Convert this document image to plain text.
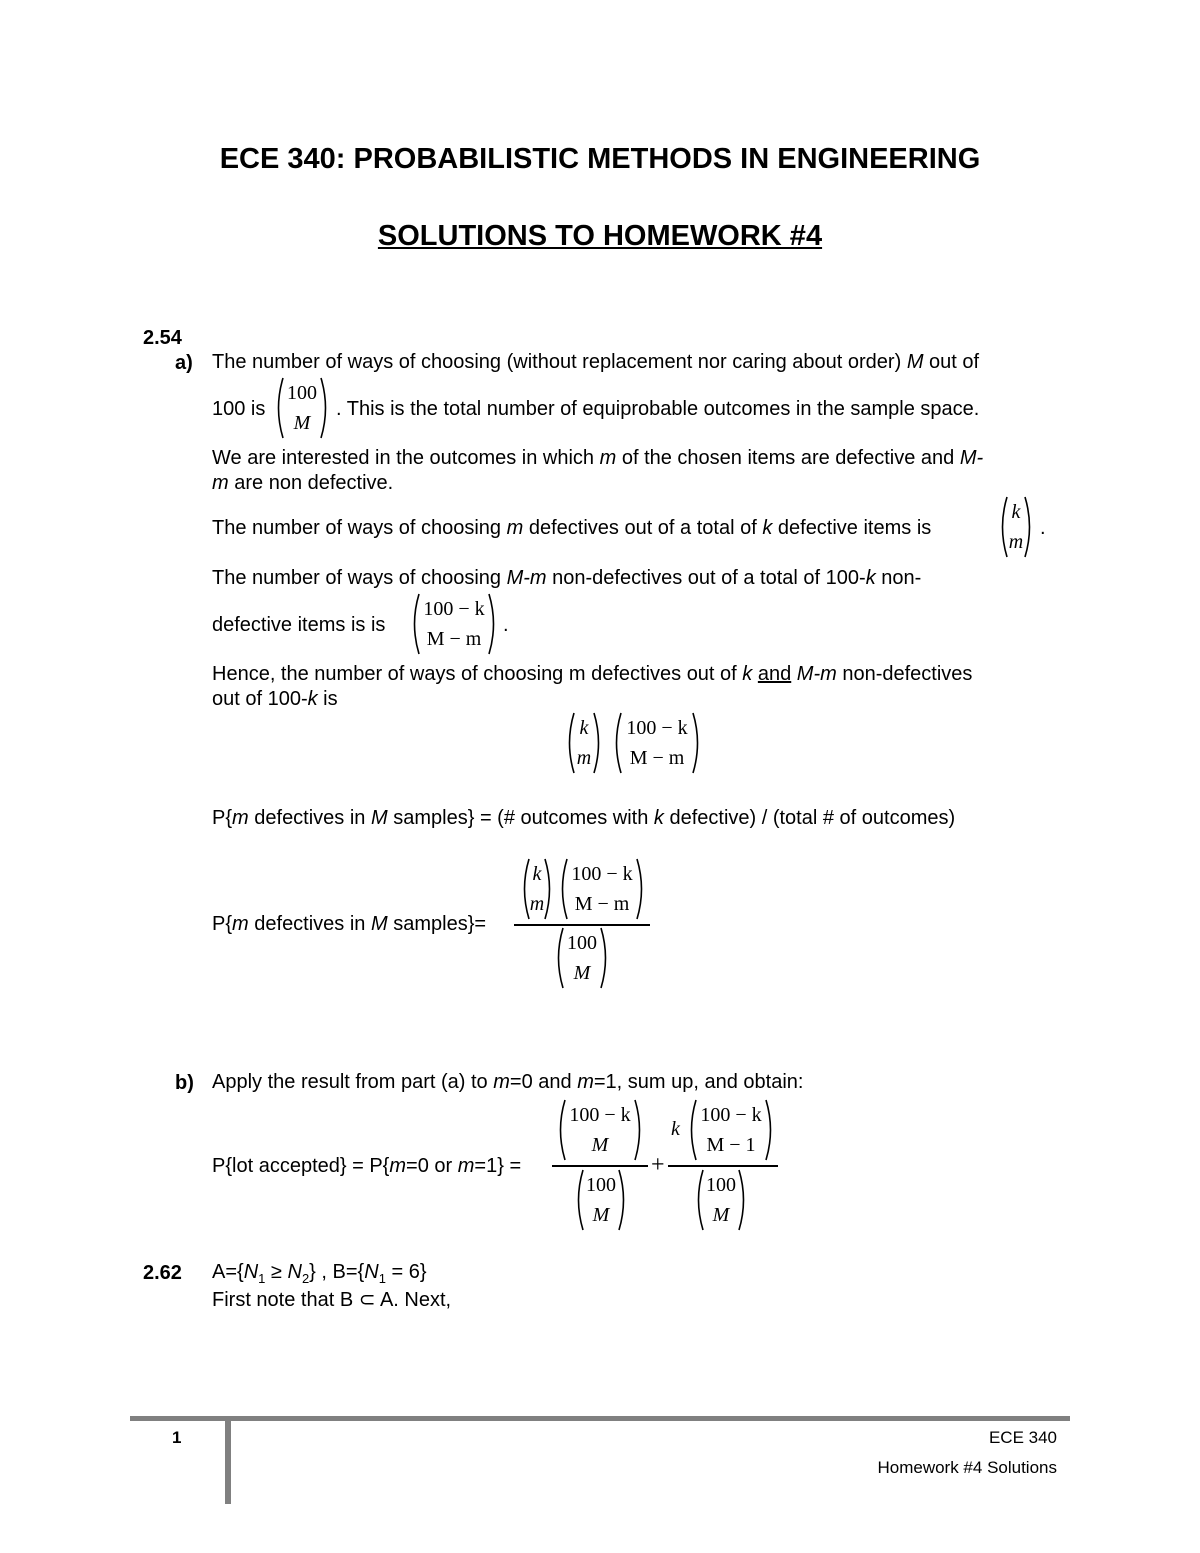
ECE 340: PROBABILISTIC METHODS IN ENGINEERING
SOLUTIONS TO HOMEWORK #4
2.54
a) The number of ways of choosing (without replacement nor caring about order) M out of
100 is
100
M
. This is the total number of equiprobable outcomes in the sample space.
We are interested in the outcomes in which m of the chosen items are defective and M-
m are non defective.
The number of ways of choosing m defectives out of a total of k defective items is
k
m
.
The number of ways of choosing M-m non-defectives out of a total of 100-k non-
defective items is is
100 − k
M − m
.
Hence, the number of ways of choosing m defectives out of k and M-m non-defectives
out of 100-k is
k
m
100 − k
M − m
P{m defectives in M samples} = (# outcomes with k defective) / (total # of outcomes)
P{m defectives in M samples}=
k
m
100 − k
M − m
100
M
b) Apply the result from part (a) to m=0 and m=1, sum up, and obtain:
P{lot accepted} = P{m=0 or m=1} =
100 − k
M
100
M
+
k
100 − k
M − 1
100
M
2.62 $A=\{N_1 \ge N_2\}$ , $B=\{N_1 = 6\}$
First note that B ⊂ A. Next,
1	ECE 340
Homework #4 Solutions
